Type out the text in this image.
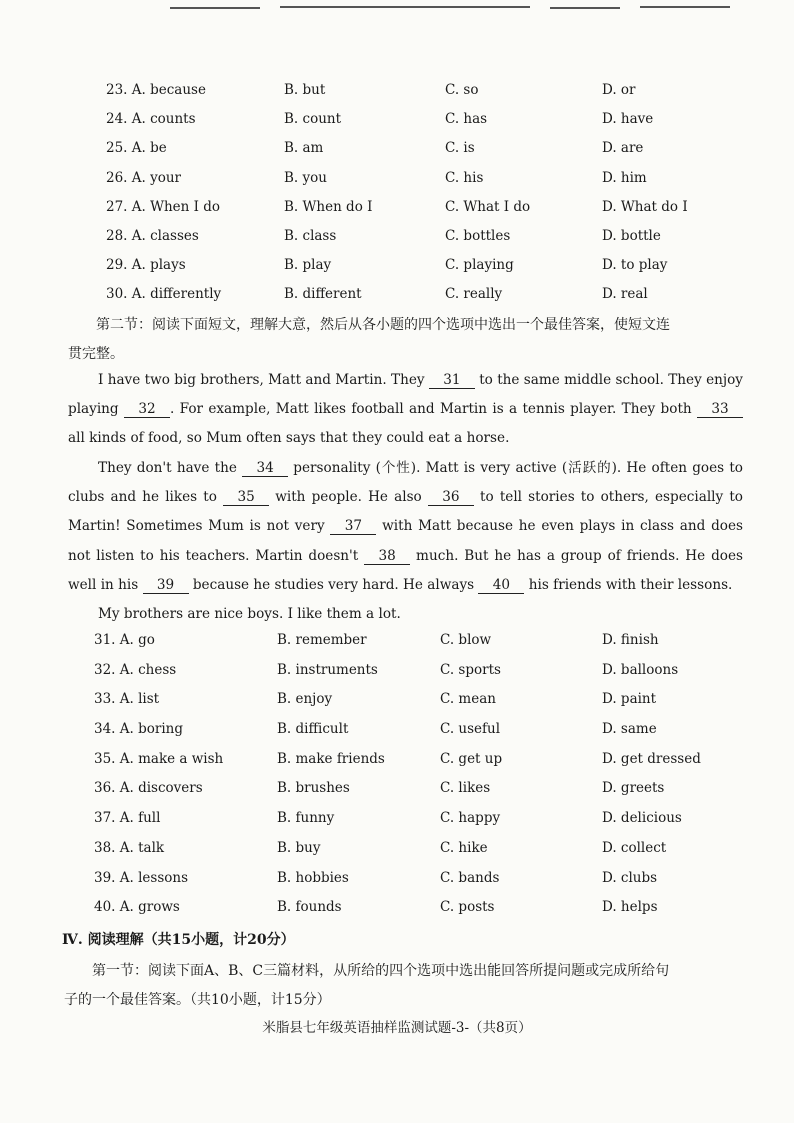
23. A. because	B. but	C. so	D. or
24. A. counts	B. count	C. has	D. have
25. A. be	B. am	C. is	D. are
26. A. your	B. you	C. his	D. him
27. A. When I do	B. When do I	C. What I do	D. What do I
28. A. classes	B. class	C. bottles	D. bottle
29. A. plays	B. play	C. playing	D. to play
30. A. differently	B. different	C. really	D. real
第二节：阅读下面短文，理解大意，然后从各小题的四个选项中选出一个最佳答案，使短文连
贯完整。
I have two big brothers, Matt and Martin. They 31 to the same middle school. They enjoy playing 32 . For example, Matt likes football and Martin is a tennis player. They both 33 all kinds of food, so Mum often says that they could eat a horse.
They don't have the 34 personality (个性). Matt is very active (活跃的). He often goes to clubs and he likes to 35 with people. He also 36 to tell stories to others, especially to Martin! Sometimes Mum is not very 37 with Matt because he even plays in class and does not listen to his teachers. Martin doesn't 38 much. But he has a group of friends. He does well in his 39 because he studies very hard. He always 40 his friends with their lessons.
My brothers are nice boys. I like them a lot.
31. A. go	B. remember	C. blow	D. finish
32. A. chess	B. instruments	C. sports	D. balloons
33. A. list	B. enjoy	C. mean	D. paint
34. A. boring	B. difficult	C. useful	D. same
35. A. make a wish	B. make friends	C. get up	D. get dressed
36. A. discovers	B. brushes	C. likes	D. greets
37. A. full	B. funny	C. happy	D. delicious
38. A. talk	B. buy	C. hike	D. collect
39. A. lessons	B. hobbies	C. bands	D. clubs
40. A. grows	B. founds	C. posts	D. helps
Ⅳ. 阅读理解（共15小题，计20分）
第一节：阅读下面A、B、C三篇材料，从所给的四个选项中选出能回答所提问题或完成所给句
子的一个最佳答案。（共10小题，计15分）
米脂县七年级英语抽样监测试题-3-（共8页）
